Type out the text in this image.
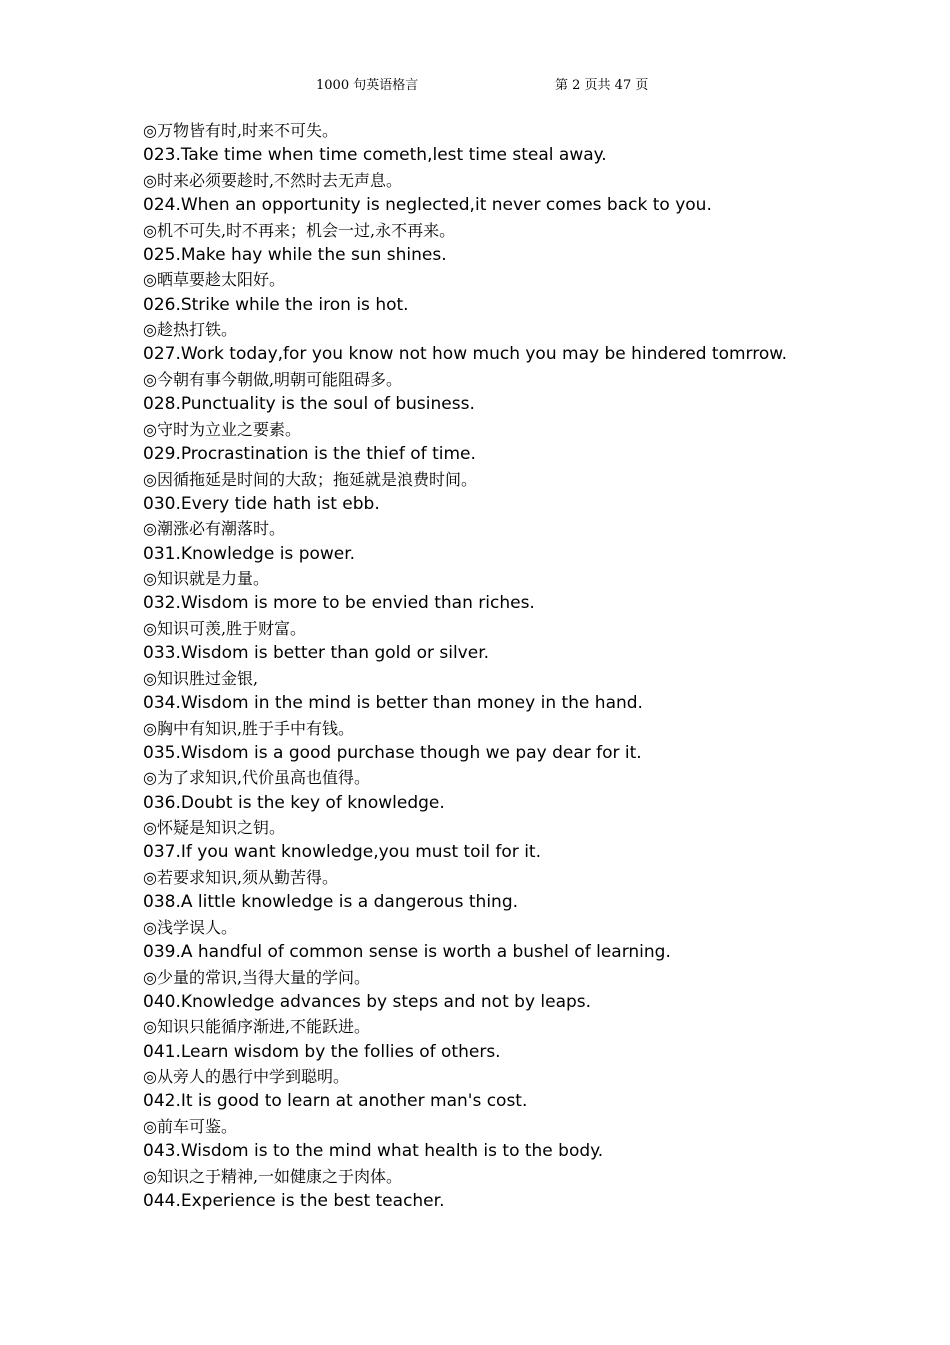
1000 句英语格言	第 2 页共 47 页
◎万物皆有时,时来不可失。
023.Take time when time cometh,lest time steal away.
◎时来必须要趁时,不然时去无声息。
024.When an opportunity is neglected,it never comes back to you.
◎机不可失,时不再来；机会一过,永不再来。
025.Make hay while the sun shines.
◎晒草要趁太阳好。
026.Strike while the iron is hot.
◎趁热打铁。
027.Work today,for you know not how much you may be hindered tomrrow.
◎今朝有事今朝做,明朝可能阻碍多。
028.Punctuality is the soul of business.
◎守时为立业之要素。
029.Procrastination is the thief of time.
◎因循拖延是时间的大敌；拖延就是浪费时间。
030.Every tide hath ist ebb.
◎潮涨必有潮落时。
031.Knowledge is power.
◎知识就是力量。
032.Wisdom is more to be envied than riches.
◎知识可羡,胜于财富。
033.Wisdom is better than gold or silver.
◎知识胜过金银,
034.Wisdom in the mind is better than money in the hand.
◎胸中有知识,胜于手中有钱。
035.Wisdom is a good purchase though we pay dear for it.
◎为了求知识,代价虽高也值得。
036.Doubt is the key of knowledge.
◎怀疑是知识之钥。
037.If you want knowledge,you must toil for it.
◎若要求知识,须从勤苦得。
038.A little knowledge is a dangerous thing.
◎浅学误人。
039.A handful of common sense is worth a bushel of learning.
◎少量的常识,当得大量的学问。
040.Knowledge advances by steps and not by leaps.
◎知识只能循序渐进,不能跃进。
041.Learn wisdom by the follies of others.
◎从旁人的愚行中学到聪明。
042.It is good to learn at another man's cost.
◎前车可鉴。
043.Wisdom is to the mind what health is to the body.
◎知识之于精神,一如健康之于肉体。
044.Experience is the best teacher.
